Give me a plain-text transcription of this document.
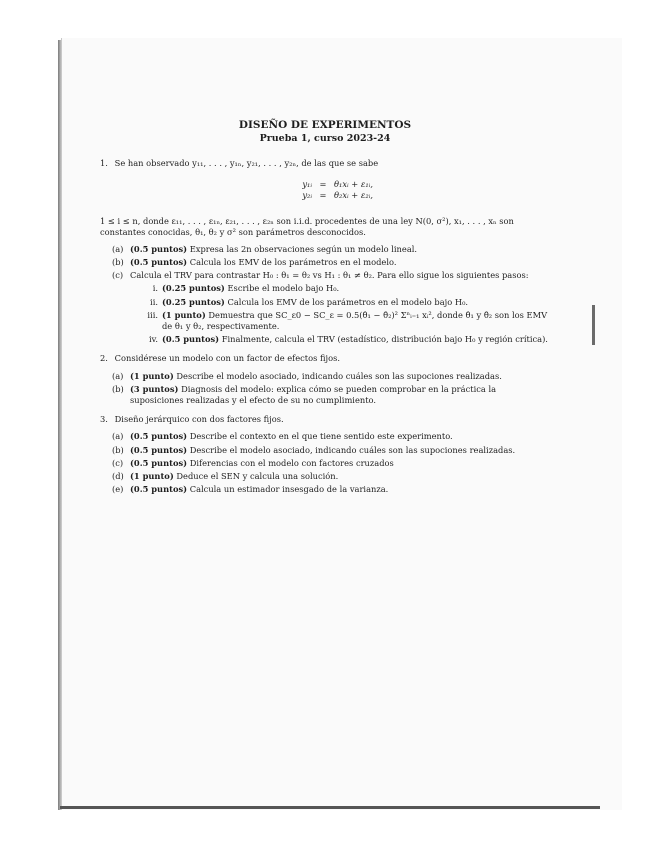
DISEÑO DE EXPERIMENTOS

Prueba 1, curso 2023-24

1. Se han observado y₁₁, . . . , y₁ₙ, y₂₁, . . . , y₂ₙ, de las que se sabe

y₁ᵢ = θ₁xᵢ + ε₁ᵢ,
y₂ᵢ = θ₂xᵢ + ε₂ᵢ,

1 ≤ i ≤ n, donde ε₁₁, . . . , ε₁ₙ, ε₂₁, . . . , ε₂ₙ son i.i.d. procedentes de una ley N(0, σ²), x₁, . . . , xₙ son constantes conocidas, θ₁, θ₂ y σ² son parámetros desconocidos.

(a) (0.5 puntos) Expresa las 2n observaciones según un modelo lineal.
(b) (0.5 puntos) Calcula los EMV de los parámetros en el modelo.
(c) Calcula el TRV para contrastar H₀ : θ₁ = θ₂ vs H₁ : θ₁ ≠ θ₂. Para ello sigue los siguientes pasos:
i. (0.25 puntos) Escribe el modelo bajo H₀.
ii. (0.25 puntos) Calcula los EMV de los parámetros en el modelo bajo H₀.
iii. (1 punto) Demuestra que SC_ε0 − SC_ε = 0.5(θ̂₁ − θ̂₂)² Σⁿᵢ₌₁ xᵢ², donde θ̂₁ y θ̂₂ son los EMV de θ₁ y θ₂, respectivamente.
iv. (0.5 puntos) Finalmente, calcula el TRV (estadístico, distribución bajo H₀ y región crítica).

2. Considérese un modelo con un factor de efectos fijos.

(a) (1 punto) Describe el modelo asociado, indicando cuáles son las supociones realizadas.
(b) (3 puntos) Diagnosis del modelo: explica cómo se pueden comprobar en la práctica la suposiciones realizadas y el efecto de su no cumplimiento.

3. Diseño jerárquico con dos factores fijos.

(a) (0.5 puntos) Describe el contexto en el que tiene sentido este experimento.
(b) (0.5 puntos) Describe el modelo asociado, indicando cuáles son las supociones realizadas.
(c) (0.5 puntos) Diferencias con el modelo con factores cruzados
(d) (1 punto) Deduce el SEN y calcula una solución.
(e) (0.5 puntos) Calcula un estimador insesgado de la varianza.
